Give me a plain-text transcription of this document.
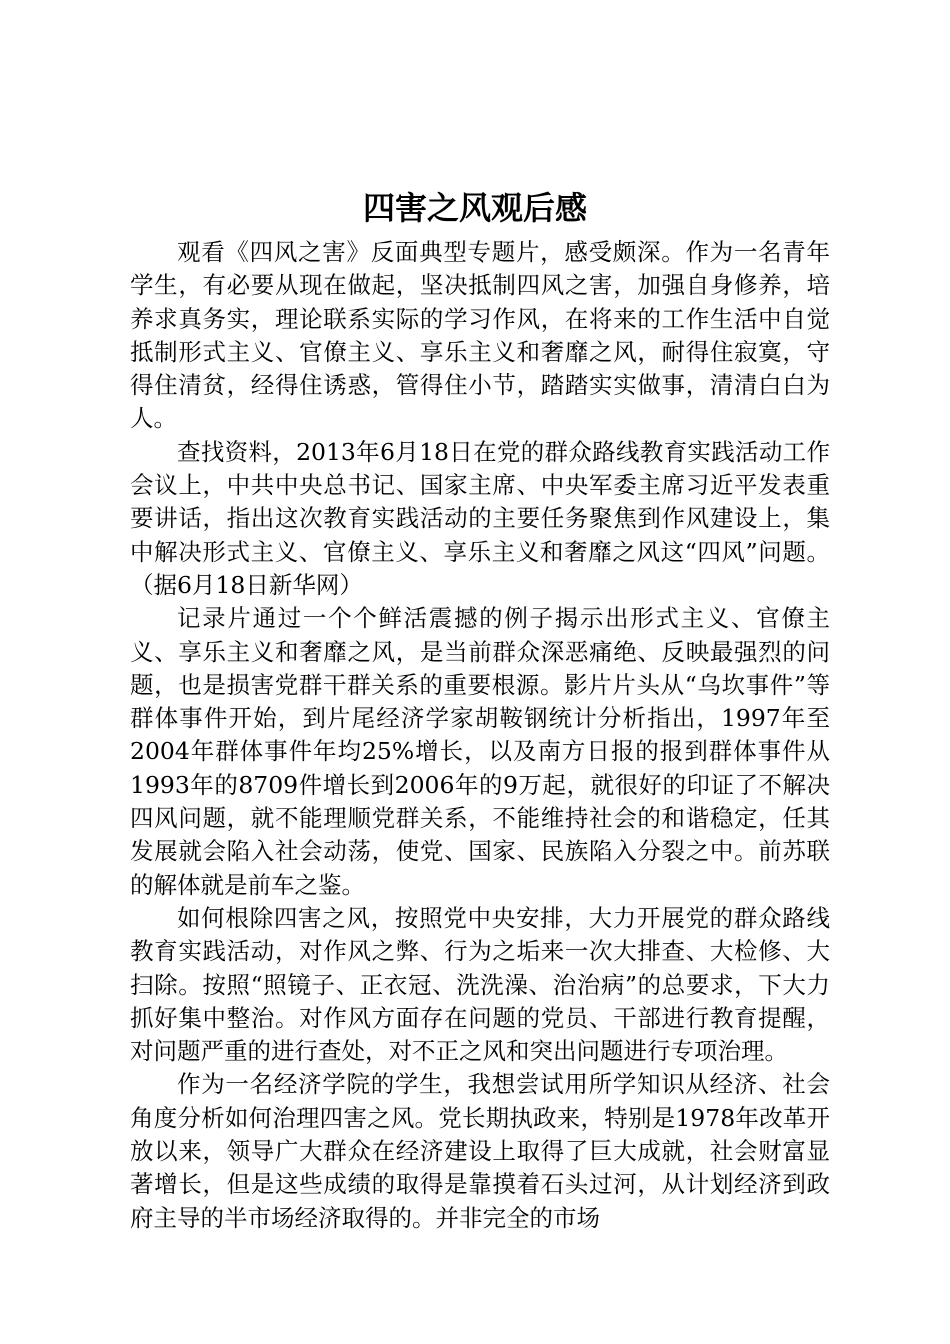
四害之风观后感

观看《四风之害》反面典型专题片，感受颇深。作为一名青年学生，有必要从现在做起，坚决抵制四风之害，加强自身修养，培养求真务实，理论联系实际的学习作风，在将来的工作生活中自觉抵制形式主义、官僚主义、享乐主义和奢靡之风，耐得住寂寞，守得住清贫，经得住诱惑，管得住小节，踏踏实实做事，清清白白为人。

查找资料，2013年6月18日在党的群众路线教育实践活动工作会议上，中共中央总书记、国家主席、中央军委主席习近平发表重要讲话，指出这次教育实践活动的主要任务聚焦到作风建设上，集中解决形式主义、官僚主义、享乐主义和奢靡之风这“四风”问题。（据6月18日新华网）

记录片通过一个个鲜活震撼的例子揭示出形式主义、官僚主义、享乐主义和奢靡之风，是当前群众深恶痛绝、反映最强烈的问题，也是损害党群干群关系的重要根源。影片片头从“乌坎事件”等群体事件开始，到片尾经济学家胡鞍钢统计分析指出，1997年至2004年群体事件年均25%增长，以及南方日报的报到群体事件从1993年的8709件增长到2006年的9万起，就很好的印证了不解决四风问题，就不能理顺党群关系，不能维持社会的和谐稳定，任其发展就会陷入社会动荡，使党、国家、民族陷入分裂之中。前苏联的解体就是前车之鉴。

如何根除四害之风，按照党中央安排，大力开展党的群众路线教育实践活动，对作风之弊、行为之垢来一次大排查、大检修、大扫除。按照“照镜子、正衣冠、洗洗澡、治治病”的总要求，下大力抓好集中整治。对作风方面存在问题的党员、干部进行教育提醒，对问题严重的进行查处，对不正之风和突出问题进行专项治理。

作为一名经济学院的学生，我想尝试用所学知识从经济、社会角度分析如何治理四害之风。党长期执政来，特别是1978年改革开放以来，领导广大群众在经济建设上取得了巨大成就，社会财富显著增长，但是这些成绩的取得是靠摸着石头过河，从计划经济到政府主导的半市场经济取得的。并非完全的市场
